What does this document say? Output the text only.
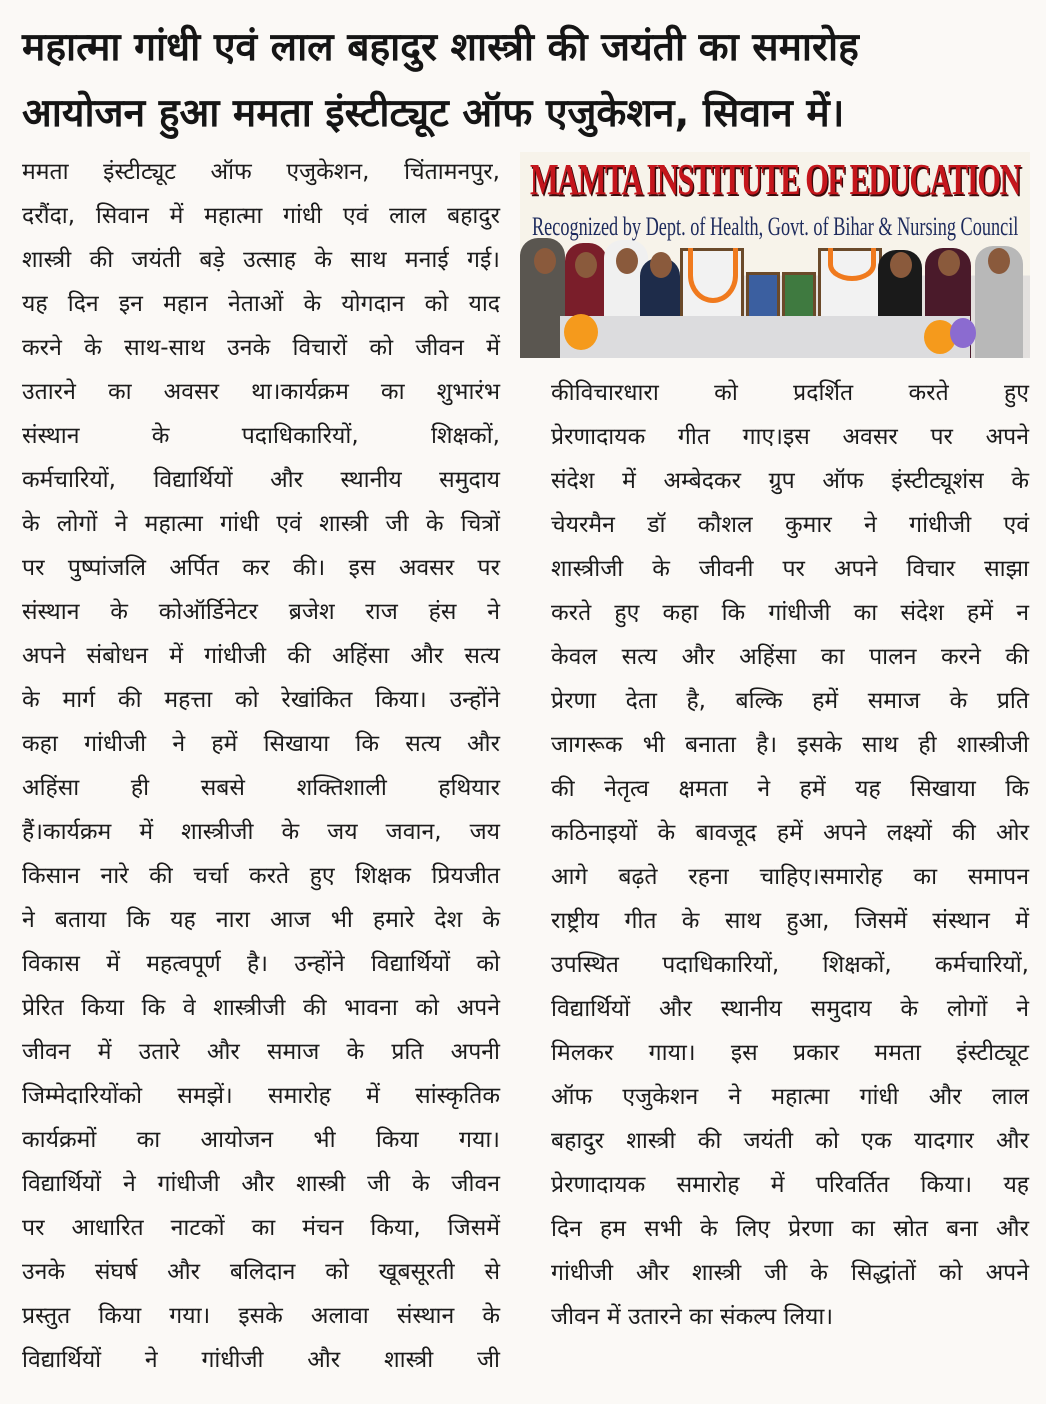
महात्मा गांधी एवं लाल बहादुर शास्त्री की जयंती का समारोह
आयोजन हुआ ममता इंस्टीट्यूट ऑफ एजुकेशन, सिवान में।
ममता इंस्टीट्यूट ऑफ एजुकेशन, चिंतामनपुर,
दरौंदा, सिवान में महात्मा गांधी एवं लाल बहादुर
शास्त्री की जयंती बड़े उत्साह के साथ मनाई गई।
यह दिन इन महान नेताओं के योगदान को याद
करने के साथ-साथ उनके विचारों को जीवन में
उतारने का अवसर था।कार्यक्रम का शुभारंभ
संस्थान के पदाधिकारियों, शिक्षकों,
कर्मचारियों, विद्यार्थियों और स्थानीय समुदाय
के लोगों ने महात्मा गांधी एवं शास्त्री जी के चित्रों
पर पुष्पांजलि अर्पित कर की। इस अवसर पर
संस्थान के कोऑर्डिनेटर ब्रजेश राज हंस ने
अपने संबोधन में गांधीजी की अहिंसा और सत्य
के मार्ग की महत्ता को रेखांकित किया। उन्होंने
कहा गांधीजी ने हमें सिखाया कि सत्य और
अहिंसा ही सबसे शक्तिशाली हथियार
हैं।कार्यक्रम में शास्त्रीजी के जय जवान, जय
किसान नारे की चर्चा करते हुए शिक्षक प्रियजीत
ने बताया कि यह नारा आज भी हमारे देश के
विकास में महत्वपूर्ण है। उन्होंने विद्यार्थियों को
प्रेरित किया कि वे शास्त्रीजी की भावना को अपने
जीवन में उतारे और समाज के प्रति अपनी
जिम्मेदारियोंको समझें। समारोह में सांस्कृतिक
कार्यक्रमों का आयोजन भी किया गया।
विद्यार्थियों ने गांधीजी और शास्त्री जी के जीवन
पर आधारित नाटकों का मंचन किया, जिसमें
उनके संघर्ष और बलिदान को खूबसूरती से
प्रस्तुत किया गया। इसके अलावा संस्थान के
विद्यार्थियों ने गांधीजी और शास्त्री जी
MAMTA INSTITUTE OF EDUCATION
Recognized by Dept. of Health, Govt. of Bihar & Nursing Council
कीविचारधारा को प्रदर्शित करते हुए
प्रेरणादायक गीत गाए।इस अवसर पर अपने
संदेश में अम्बेदकर ग्रुप ऑफ इंस्टीट्यूशंस के
चेयरमैन डॉ कौशल कुमार ने गांधीजी एवं
शास्त्रीजी के जीवनी पर अपने विचार साझा
करते हुए कहा कि गांधीजी का संदेश हमें न
केवल सत्य और अहिंसा का पालन करने की
प्रेरणा देता है, बल्कि हमें समाज के प्रति
जागरूक भी बनाता है। इसके साथ ही शास्त्रीजी
की नेतृत्व क्षमता ने हमें यह सिखाया कि
कठिनाइयों के बावजूद हमें अपने लक्ष्यों की ओर
आगे बढ़ते रहना चाहिए।समारोह का समापन
राष्ट्रीय गीत के साथ हुआ, जिसमें संस्थान में
उपस्थित पदाधिकारियों, शिक्षकों, कर्मचारियों,
विद्यार्थियों और स्थानीय समुदाय के लोगों ने
मिलकर गाया। इस प्रकार ममता इंस्टीट्यूट
ऑफ एजुकेशन ने महात्मा गांधी और लाल
बहादुर शास्त्री की जयंती को एक यादगार और
प्रेरणादायक समारोह में परिवर्तित किया। यह
दिन हम सभी के लिए प्रेरणा का स्रोत बना और
गांधीजी और शास्त्री जी के सिद्धांतों को अपने
जीवन में उतारने का संकल्प लिया।
